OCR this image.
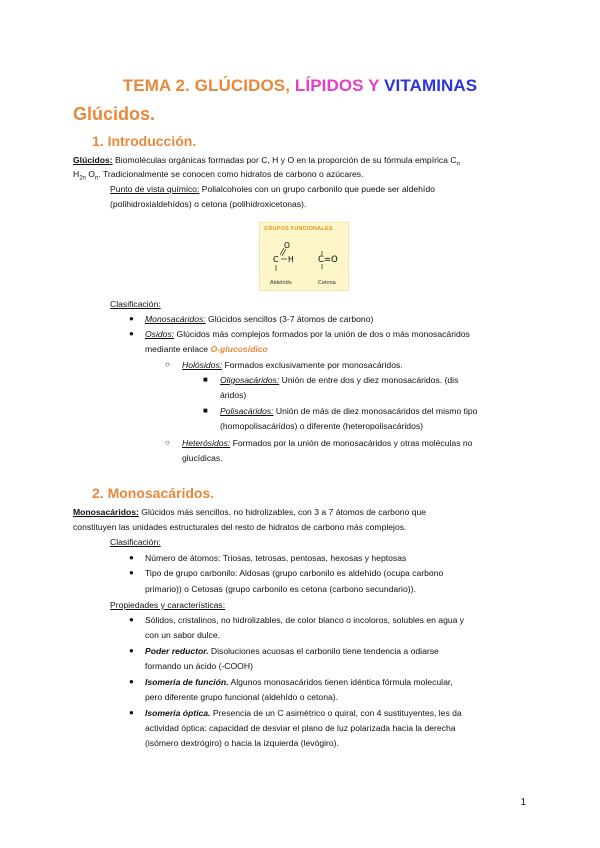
TEMA 2. GLÚCIDOS, LÍPIDOS Y VITAMINAS
Glúcidos.
1. Introducción.
Glúcidos: Biomoléculas orgánicas formadas por C, H y O en la proporción de su fórmula empírica $C_n$
$H_{2n}$ $O_n$. Tradicionalmente se conocen como hidratos de carbono o azúcares.
Punto de vista químico: Polialcoholes con un grupo carbonilo que puede ser aldehído
(polihidroxialdehídos) o cetona (polihidroxicetonas).
GRUPOS FUNCIONALES
C
O
H	C=O
Aldehído	Cetona
Clasificación:
● Monosacáridos: Glúcidos sencillos (3-7 átomos de carbono)
● Osidos: Glúcidos más complejos formados por la unión de dos o más monosacáridos
mediante enlace O-glucosídico
○ Holósidos: Formados exclusivamente por monosacáridos.
■ Oligosacáridos: Unión de entre dos y diez monosacáridos. (dis
áridos)
■ Polisacáridos: Unión de más de diez monosacáridos del mismo tipo
(homopolisacáridos) o diferente (heteropolisacáridos)
○ Heterósidos: Formados por la unión de monosacáridos y otras moléculas no
glucídicas.
2. Monosacáridos.
Monosacáridos: Glúcidos más sencillos, no hidrolizables, con 3 a 7 átomos de carbono que
constituyen las unidades estructurales del resto de hidratos de carbono más complejos.
Clasificación:
● Número de átomos: Triosas, tetrosas, pentosas, hexosas y heptosas
● Tipo de grupo carbonilo: Aldosas (grupo carbonilo es aldehído (ocupa carbono
primario)) o Cetosas (grupo carbonilo es cetona (carbono secundario)).
Propiedades y características:
● Sólidos, cristalinos, no hidrolizables, de color blanco o incoloros, solubles en agua y
con un sabor dulce.
● Poder reductor. Disoluciones acuosas el carbonilo tiene tendencia a odiarse
formando un ácido (-COOH)
● Isomería de función. Algunos monosacáridos tienen idéntica fórmula molecular,
pero diferente grupo funcional (aldehído o cetona).
● Isomería óptica. Presencia de un C asimétrico o quiral, con 4 sustituyentes, les da
actividad óptica: capacidad de desviar el plano de luz polarizada hacia la derecha
(isómero dextrógiro) o hacia la izquierda (levógiro).
1
